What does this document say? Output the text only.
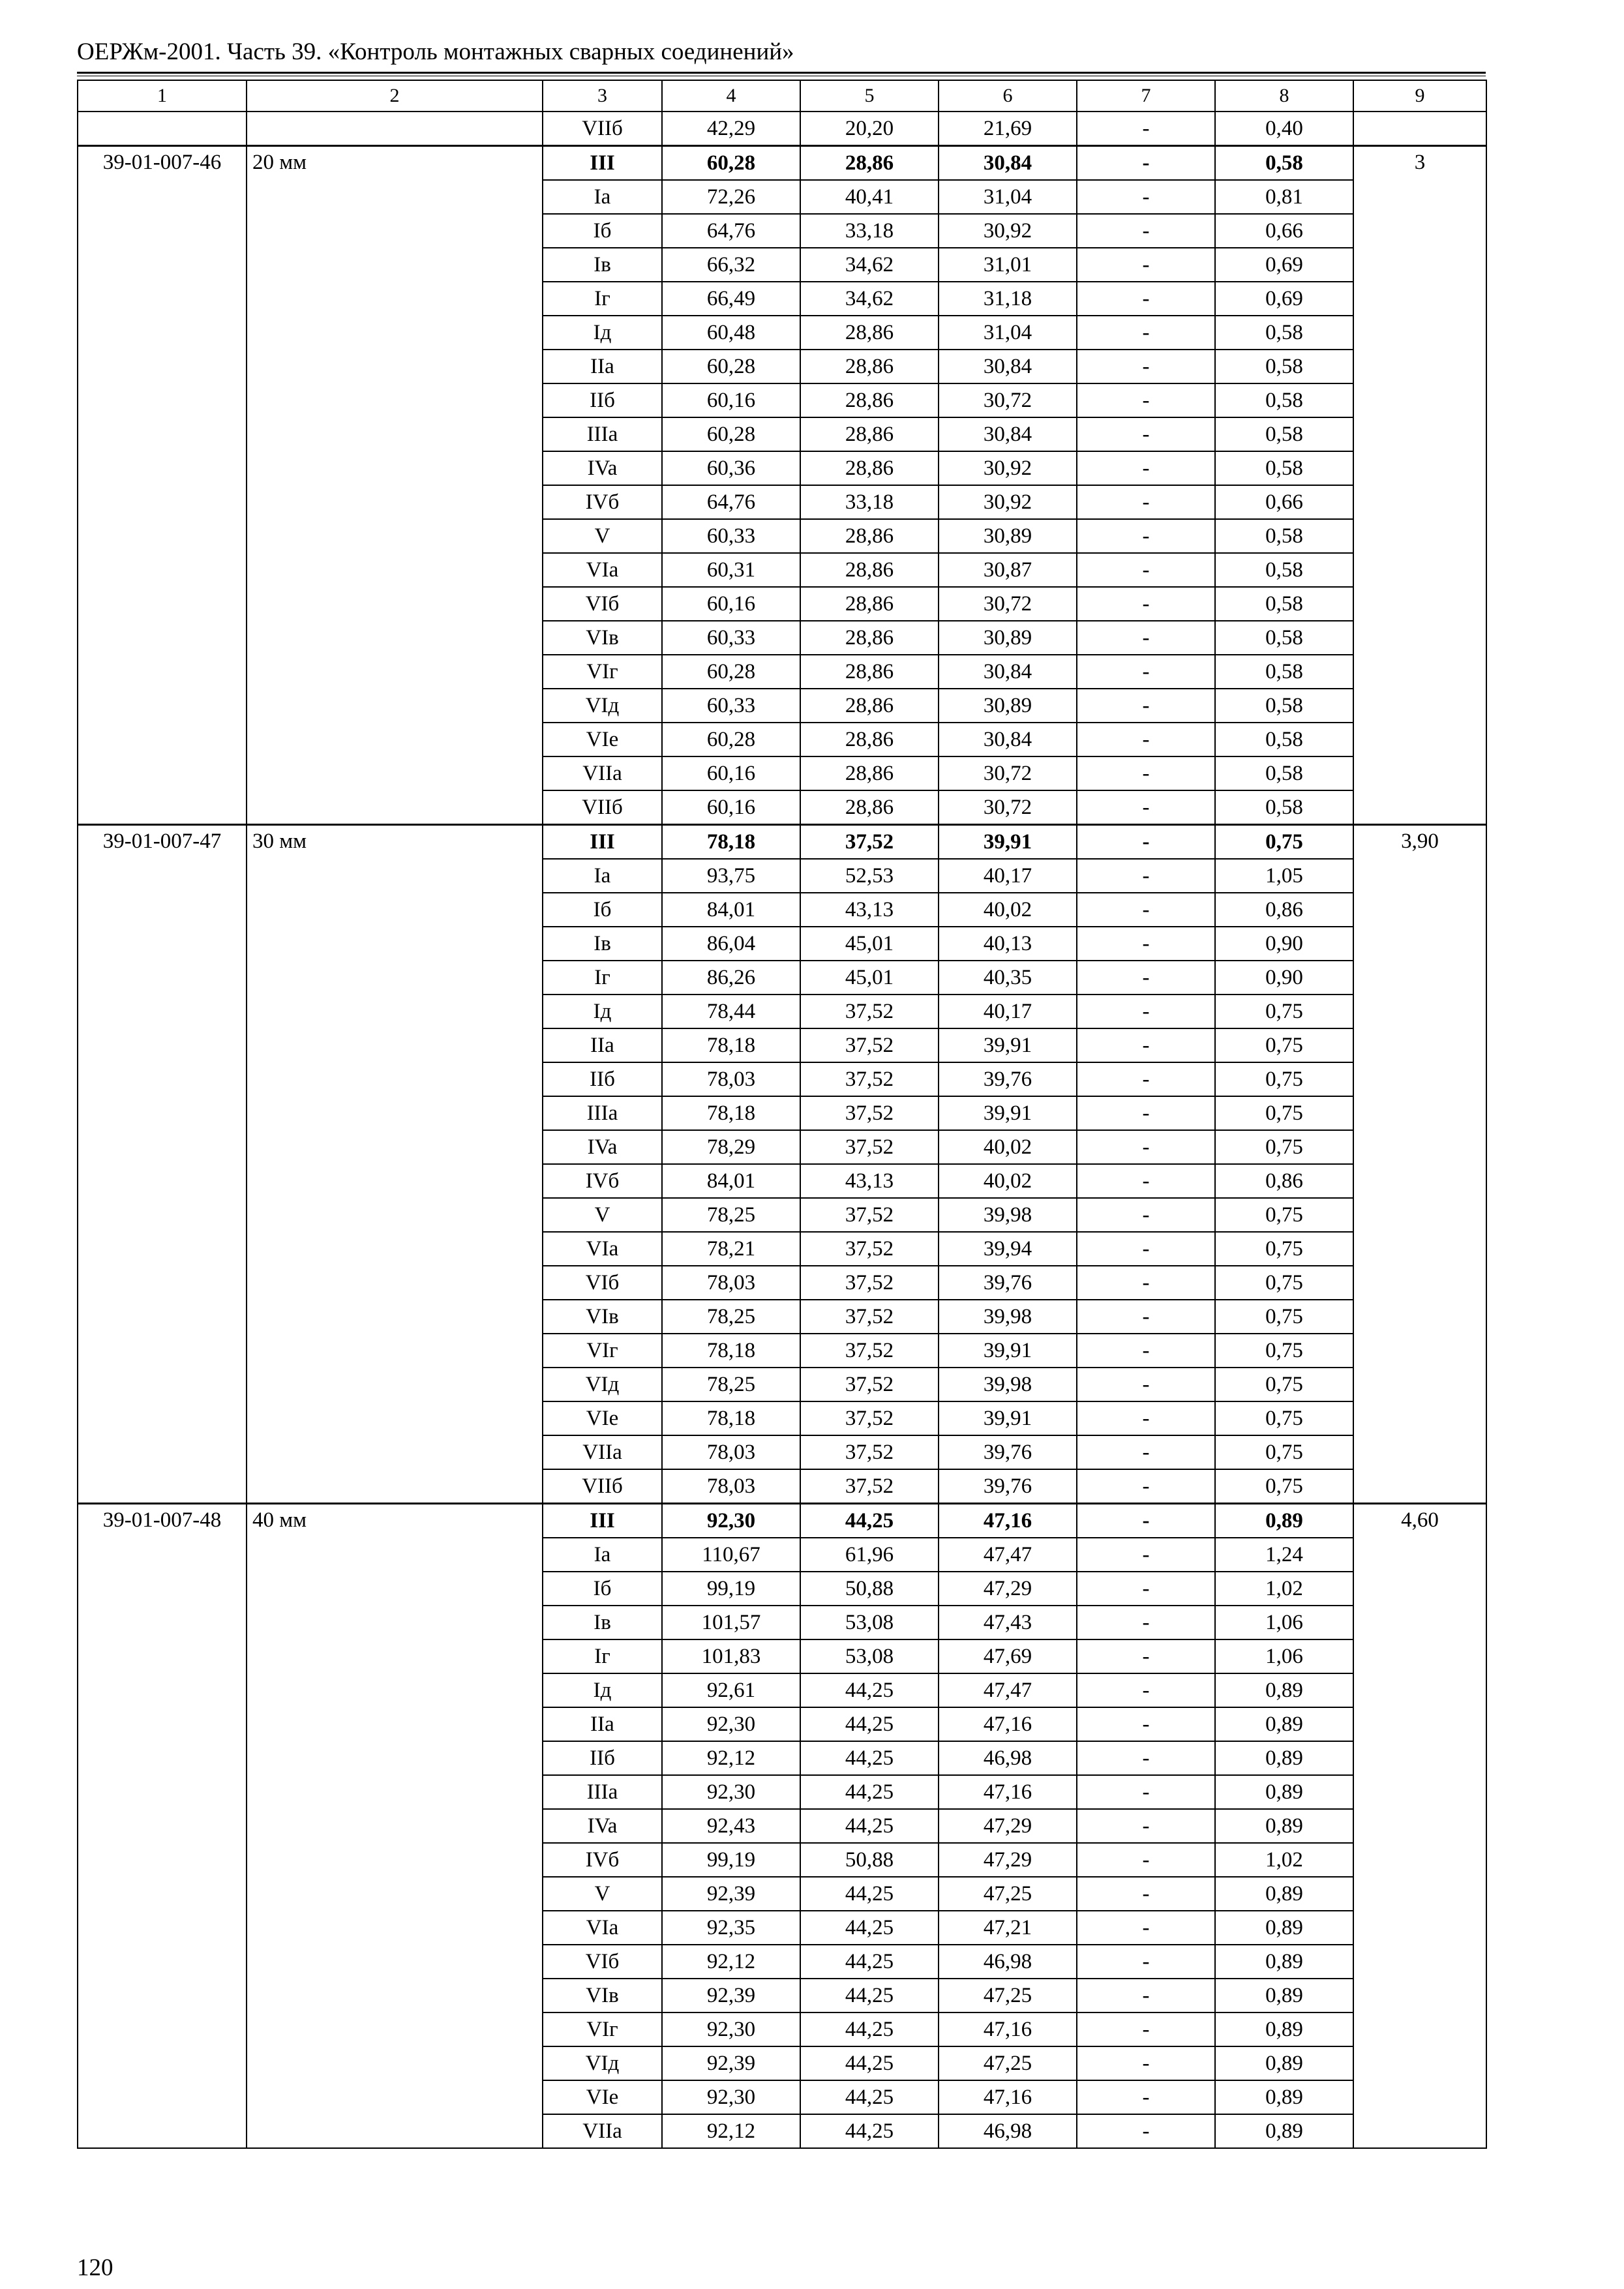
ОЕРЖм-2001. Часть 39. «Контроль монтажных сварных соединений»
1	2	3	4	5	6	7	8	9
		VIIб	42,29	20,20	21,69	-	0,40	
39-01-007-46	20 мм	III	60,28	28,86	30,84	-	0,58	3
		Ia	72,26	40,41	31,04	-	0,81	
		Iб	64,76	33,18	30,92	-	0,66	
		Iв	66,32	34,62	31,01	-	0,69	
		Iг	66,49	34,62	31,18	-	0,69	
		Iд	60,48	28,86	31,04	-	0,58	
		IIa	60,28	28,86	30,84	-	0,58	
		IIб	60,16	28,86	30,72	-	0,58	
		IIIa	60,28	28,86	30,84	-	0,58	
		IVa	60,36	28,86	30,92	-	0,58	
		IVб	64,76	33,18	30,92	-	0,66	
		V	60,33	28,86	30,89	-	0,58	
		VIa	60,31	28,86	30,87	-	0,58	
		VIб	60,16	28,86	30,72	-	0,58	
		VIв	60,33	28,86	30,89	-	0,58	
		VIг	60,28	28,86	30,84	-	0,58	
		VIд	60,33	28,86	30,89	-	0,58	
		VIe	60,28	28,86	30,84	-	0,58	
		VIIa	60,16	28,86	30,72	-	0,58	
		VIIб	60,16	28,86	30,72	-	0,58	
39-01-007-47	30 мм	III	78,18	37,52	39,91	-	0,75	3,90
		Ia	93,75	52,53	40,17	-	1,05	
		Iб	84,01	43,13	40,02	-	0,86	
		Iв	86,04	45,01	40,13	-	0,90	
		Iг	86,26	45,01	40,35	-	0,90	
		Iд	78,44	37,52	40,17	-	0,75	
		IIa	78,18	37,52	39,91	-	0,75	
		IIб	78,03	37,52	39,76	-	0,75	
		IIIa	78,18	37,52	39,91	-	0,75	
		IVa	78,29	37,52	40,02	-	0,75	
		IVб	84,01	43,13	40,02	-	0,86	
		V	78,25	37,52	39,98	-	0,75	
		VIa	78,21	37,52	39,94	-	0,75	
		VIб	78,03	37,52	39,76	-	0,75	
		VIв	78,25	37,52	39,98	-	0,75	
		VIг	78,18	37,52	39,91	-	0,75	
		VIд	78,25	37,52	39,98	-	0,75	
		VIe	78,18	37,52	39,91	-	0,75	
		VIIa	78,03	37,52	39,76	-	0,75	
		VIIб	78,03	37,52	39,76	-	0,75	
39-01-007-48	40 мм	III	92,30	44,25	47,16	-	0,89	4,60
		Ia	110,67	61,96	47,47	-	1,24	
		Iб	99,19	50,88	47,29	-	1,02	
		Iв	101,57	53,08	47,43	-	1,06	
		Iг	101,83	53,08	47,69	-	1,06	
		Iд	92,61	44,25	47,47	-	0,89	
		IIa	92,30	44,25	47,16	-	0,89	
		IIб	92,12	44,25	46,98	-	0,89	
		IIIa	92,30	44,25	47,16	-	0,89	
		IVa	92,43	44,25	47,29	-	0,89	
		IVб	99,19	50,88	47,29	-	1,02	
		V	92,39	44,25	47,25	-	0,89	
		VIa	92,35	44,25	47,21	-	0,89	
		VIб	92,12	44,25	46,98	-	0,89	
		VIв	92,39	44,25	47,25	-	0,89	
		VIг	92,30	44,25	47,16	-	0,89	
		VIд	92,39	44,25	47,25	-	0,89	
		VIe	92,30	44,25	47,16	-	0,89	
		VIIa	92,12	44,25	46,98	-	0,89	
120
